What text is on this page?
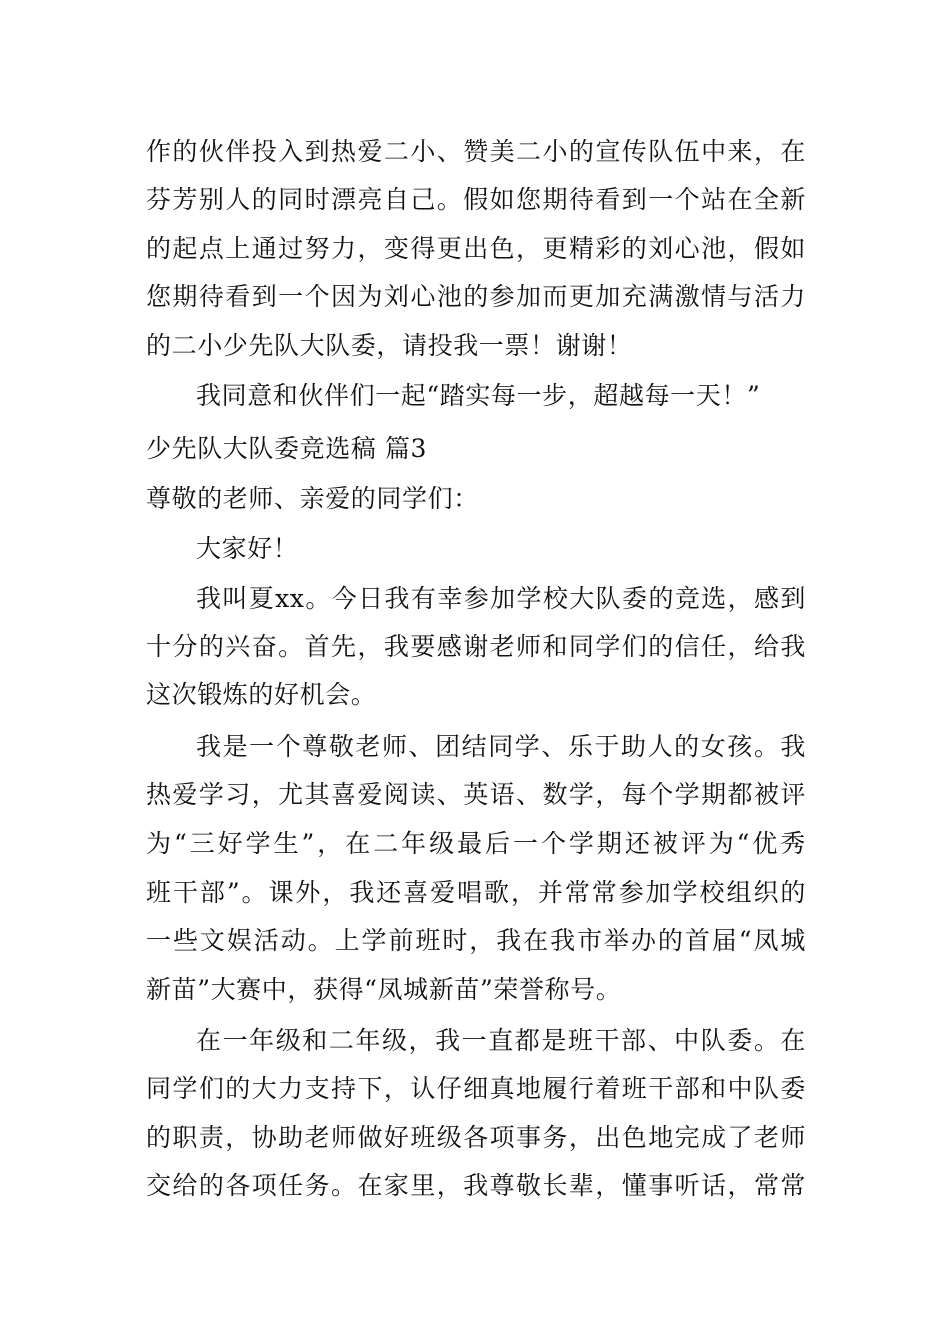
作的伙伴投入到热爱二小、赞美二小的宣传队伍中来，在
芬芳别人的同时漂亮自己。假如您期待看到一个站在全新
的起点上通过努力，变得更出色，更精彩的刘心池，假如
您期待看到一个因为刘心池的参加而更加充满激情与活力
的二小少先队大队委，请投我一票！谢谢！
我同意和伙伴们一起“踏实每一步，超越每一天！”
少先队大队委竞选稿 篇3
尊敬的老师、亲爱的同学们：
大家好！
我叫夏xx。今日我有幸参加学校大队委的竞选，感到
十分的兴奋。首先，我要感谢老师和同学们的信任，给我
这次锻炼的好机会。
我是一个尊敬老师、团结同学、乐于助人的女孩。我
热爱学习，尤其喜爱阅读、英语、数学，每个学期都被评
为“三好学生”，在二年级最后一个学期还被评为“优秀
班干部”。课外，我还喜爱唱歌，并常常参加学校组织的
一些文娱活动。上学前班时，我在我市举办的首届“凤城
新苗”大赛中，获得“凤城新苗”荣誉称号。
在一年级和二年级，我一直都是班干部、中队委。在
同学们的大力支持下，认仔细真地履行着班干部和中队委
的职责，协助老师做好班级各项事务，出色地完成了老师
交给的各项任务。在家里，我尊敬长辈，懂事听话，常常
